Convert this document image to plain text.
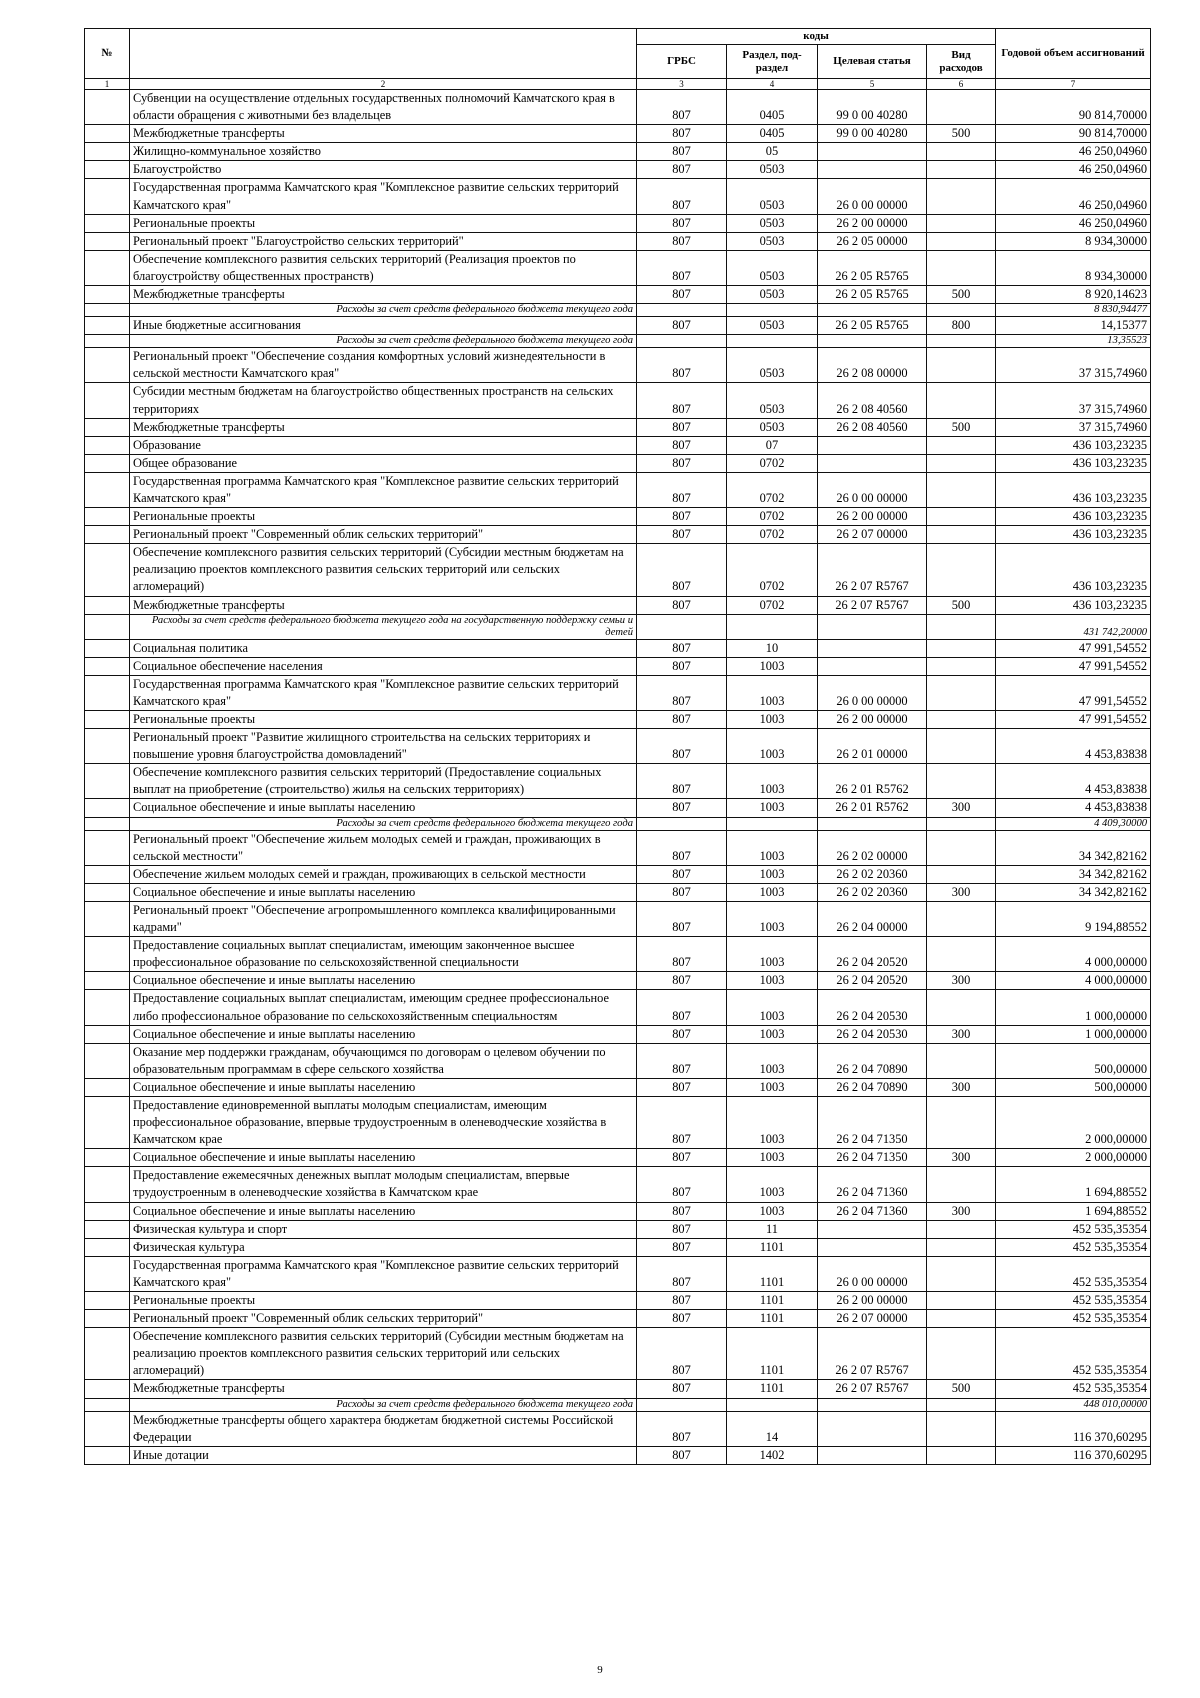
№		коды				Годовой объем ассигнований
		ГРБС	Раздел, под-раздел	Целевая статья	Вид расходов	
1	2	3	4	5	6	7
	Субвенции на осуществление отдельных государственных полномочий Камчатского края в области обращения с животными без владельцев	807	0405	99 0 00 40280		90 814,70000
	Межбюджетные трансферты	807	0405	99 0 00 40280	500	90 814,70000
	Жилищно-коммунальное хозяйство	807	05			46 250,04960
	Благоустройство	807	0503			46 250,04960
	Государственная программа Камчатского края "Комплексное развитие сельских территорий Камчатского края"	807	0503	26 0 00 00000		46 250,04960
	Региональные проекты	807	0503	26 2 00 00000		46 250,04960
	Региональный проект "Благоустройство сельских территорий"	807	0503	26 2 05 00000		8 934,30000
	Обеспечение комплексного развития сельских территорий (Реализация проектов по благоустройству общественных пространств)	807	0503	26 2 05 R5765		8 934,30000
	Межбюджетные трансферты	807	0503	26 2 05 R5765	500	8 920,14623
	Расходы за счет средств федерального бюджета текущего года					8 830,94477
	Иные бюджетные ассигнования	807	0503	26 2 05 R5765	800	14,15377
	Расходы за счет средств федерального бюджета текущего года					13,35523
	Региональный проект "Обеспечение создания комфортных условий жизнедеятельности в сельской местности Камчатского края"	807	0503	26 2 08 00000		37 315,74960
	Субсидии местным бюджетам на благоустройство общественных пространств на сельских территориях	807	0503	26 2 08 40560		37 315,74960
	Межбюджетные трансферты	807	0503	26 2 08 40560	500	37 315,74960
	Образование	807	07			436 103,23235
	Общее образование	807	0702			436 103,23235
	Государственная программа Камчатского края "Комплексное развитие сельских территорий Камчатского края"	807	0702	26 0 00 00000		436 103,23235
	Региональные проекты	807	0702	26 2 00 00000		436 103,23235
	Региональный проект "Современный облик сельских территорий"	807	0702	26 2 07 00000		436 103,23235
	Обеспечение комплексного развития сельских территорий (Субсидии местным бюджетам на реализацию проектов комплексного развития сельских территорий или сельских агломераций)	807	0702	26 2 07 R5767		436 103,23235
	Межбюджетные трансферты	807	0702	26 2 07 R5767	500	436 103,23235
	Расходы за счет средств федерального бюджета текущего года на государственную поддержку семьи и детей					431 742,20000
	Социальная политика	807	10			47 991,54552
	Социальное обеспечение населения	807	1003			47 991,54552
	Государственная программа Камчатского края "Комплексное развитие сельских территорий Камчатского края"	807	1003	26 0 00 00000		47 991,54552
	Региональные проекты	807	1003	26 2 00 00000		47 991,54552
	Региональный проект "Развитие жилищного строительства на сельских территориях и повышение уровня благоустройства домовладений"	807	1003	26 2 01 00000		4 453,83838
	Обеспечение комплексного развития сельских территорий (Предоставление социальных выплат на приобретение (строительство) жилья на сельских территориях)	807	1003	26 2 01 R5762		4 453,83838
	Социальное обеспечение и иные выплаты населению	807	1003	26 2 01 R5762	300	4 453,83838
	Расходы за счет средств федерального бюджета текущего года					4 409,30000
	Региональный проект "Обеспечение жильем молодых семей и граждан, проживающих в сельской местности"	807	1003	26 2 02 00000		34 342,82162
	Обеспечение жильем молодых семей и граждан, проживающих в сельской местности	807	1003	26 2 02 20360		34 342,82162
	Социальное обеспечение и иные выплаты населению	807	1003	26 2 02 20360	300	34 342,82162
	Региональный проект "Обеспечение агропромышленного комплекса квалифицированными кадрами"	807	1003	26 2 04 00000		9 194,88552
	Предоставление социальных выплат специалистам, имеющим законченное высшее профессиональное образование по сельскохозяйственной специальности	807	1003	26 2 04 20520		4 000,00000
	Социальное обеспечение и иные выплаты населению	807	1003	26 2 04 20520	300	4 000,00000
	Предоставление социальных выплат специалистам, имеющим среднее профессиональное либо профессиональное образование по сельскохозяйственным специальностям	807	1003	26 2 04 20530		1 000,00000
	Социальное обеспечение и иные выплаты населению	807	1003	26 2 04 20530	300	1 000,00000
	Оказание мер поддержки гражданам, обучающимся по договорам о целевом обучении по образовательным программам в сфере сельского хозяйства	807	1003	26 2 04 70890		500,00000
	Социальное обеспечение и иные выплаты населению	807	1003	26 2 04 70890	300	500,00000
	Предоставление единовременной выплаты молодым специалистам, имеющим профессиональное образование, впервые трудоустроенным в оленеводческие хозяйства в Камчатском крае	807	1003	26 2 04 71350		2 000,00000
	Социальное обеспечение и иные выплаты населению	807	1003	26 2 04 71350	300	2 000,00000
	Предоставление ежемесячных денежных выплат молодым специалистам, впервые трудоустроенным в оленеводческие хозяйства в Камчатском крае	807	1003	26 2 04 71360		1 694,88552
	Социальное обеспечение и иные выплаты населению	807	1003	26 2 04 71360	300	1 694,88552
	Физическая культура и спорт	807	11			452 535,35354
	Физическая культура	807	1101			452 535,35354
	Государственная программа Камчатского края "Комплексное развитие сельских территорий Камчатского края"	807	1101	26 0 00 00000		452 535,35354
	Региональные проекты	807	1101	26 2 00 00000		452 535,35354
	Региональный проект "Современный облик сельских территорий"	807	1101	26 2 07 00000		452 535,35354
	Обеспечение комплексного развития сельских территорий (Субсидии местным бюджетам на реализацию проектов комплексного развития сельских территорий или сельских агломераций)	807	1101	26 2 07 R5767		452 535,35354
	Межбюджетные трансферты	807	1101	26 2 07 R5767	500	452 535,35354
	Расходы за счет средств федерального бюджета текущего года					448 010,00000
	Межбюджетные трансферты общего характера бюджетам бюджетной системы Российской Федерации	807	14			116 370,60295
	Иные дотации	807	1402			116 370,60295
9
